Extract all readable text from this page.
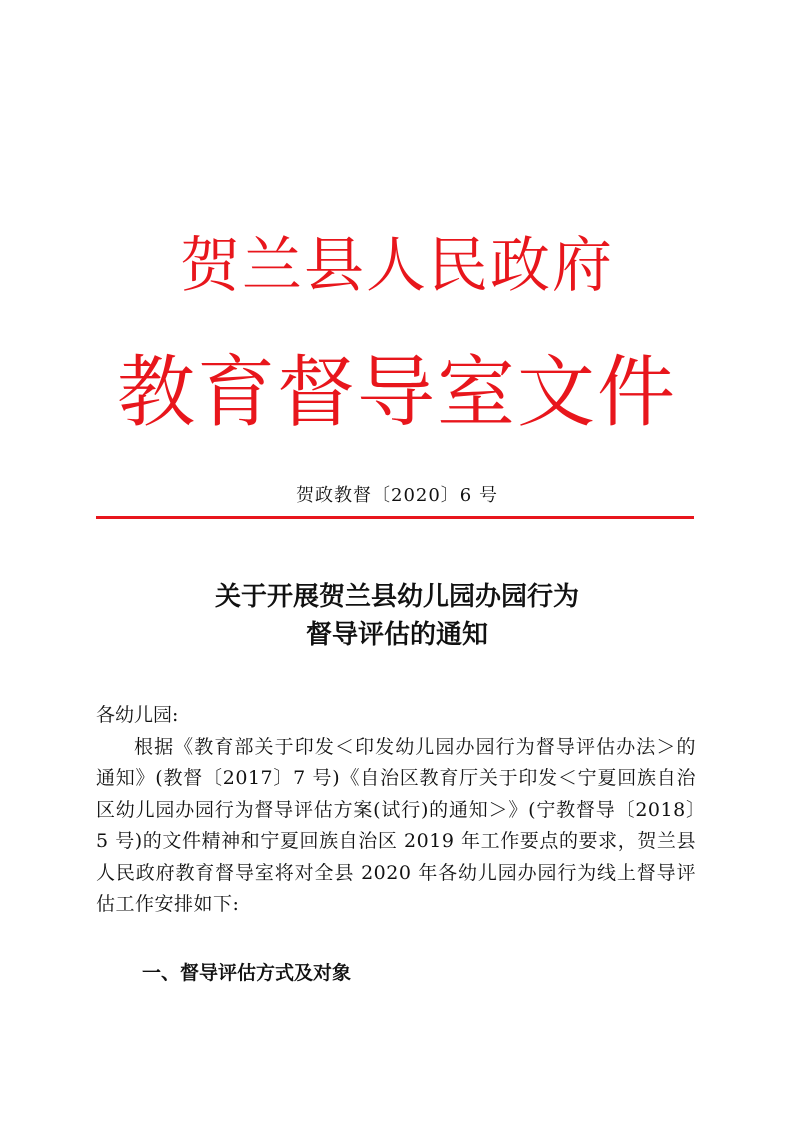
贺兰县人民政府
教育督导室文件
贺政教督〔2020〕6 号
关于开展贺兰县幼儿园办园行为
督导评估的通知

各幼儿园:

根据《教育部关于印发＜印发幼儿园办园行为督导评估办法＞的通知》(教督〔2017〕7 号)《自治区教育厅关于印发＜宁夏回族自治区幼儿园办园行为督导评估方案(试行)的通知＞》(宁教督导〔2018〕5 号)的文件精神和宁夏回族自治区 2019 年工作要点的要求，贺兰县人民政府教育督导室将对全县 2020 年各幼儿园办园行为线上督导评估工作安排如下:

一、督导评估方式及对象
